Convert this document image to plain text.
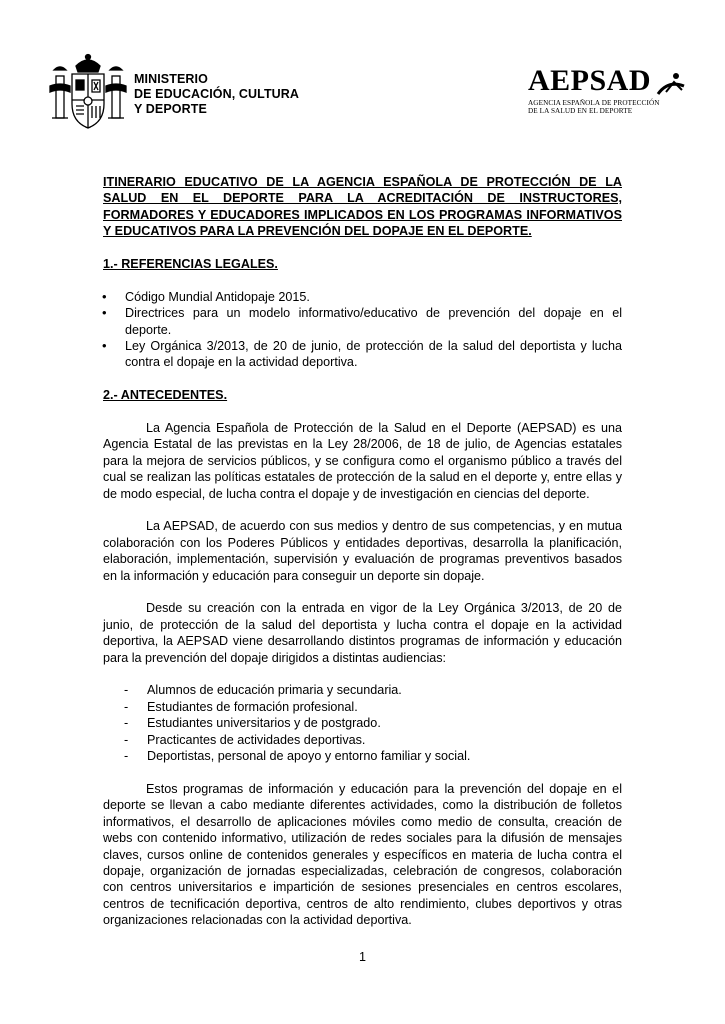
MINISTERIO
DE EDUCACIÓN, CULTURA
Y DEPORTE
AEPSAD
AGENCIA ESPAÑOLA DE PROTECCIÓN
DE LA SALUD EN EL DEPORTE

ITINERARIO EDUCATIVO DE LA AGENCIA ESPAÑOLA DE PROTECCIÓN DE LA SALUD EN EL DEPORTE PARA LA ACREDITACIÓN DE INSTRUCTORES, FORMADORES Y EDUCADORES IMPLICADOS EN LOS PROGRAMAS INFORMATIVOS Y EDUCATIVOS PARA LA PREVENCIÓN DEL DOPAJE EN EL DEPORTE.

1.- REFERENCIAS LEGALES.

• Código Mundial Antidopaje 2015.
• Directrices para un modelo informativo/educativo de prevención del dopaje en el deporte.
• Ley Orgánica 3/2013, de 20 de junio, de protección de la salud del deportista y lucha contra el dopaje en la actividad deportiva.

2.- ANTECEDENTES.

La Agencia Española de Protección de la Salud en el Deporte (AEPSAD) es una Agencia Estatal de las previstas en la Ley 28/2006, de 18 de julio, de Agencias estatales para la mejora de servicios públicos, y se configura como el organismo público a través del cual se realizan las políticas estatales de protección de la salud en el deporte y, entre ellas y de modo especial, de lucha contra el dopaje y de investigación en ciencias del deporte.

La AEPSAD, de acuerdo con sus medios y dentro de sus competencias, y en mutua colaboración con los Poderes Públicos y entidades deportivas, desarrolla la planificación, elaboración, implementación, supervisión y evaluación de programas preventivos basados en la información y educación para conseguir un deporte sin dopaje.

Desde su creación con la entrada en vigor de la Ley Orgánica 3/2013, de 20 de junio, de protección de la salud del deportista y lucha contra el dopaje en la actividad deportiva, la AEPSAD viene desarrollando distintos programas de información y educación para la prevención del dopaje dirigidos a distintas audiencias:

- Alumnos de educación primaria y secundaria.
- Estudiantes de formación profesional.
- Estudiantes universitarios y de postgrado.
- Practicantes de actividades deportivas.
- Deportistas, personal de apoyo y entorno familiar y social.

Estos programas de información y educación para la prevención del dopaje en el deporte se llevan a cabo mediante diferentes actividades, como la distribución de folletos informativos, el desarrollo de aplicaciones móviles como medio de consulta, creación de webs con contenido informativo, utilización de redes sociales para la difusión de mensajes claves, cursos online de contenidos generales y específicos en materia de lucha contra el dopaje, organización de jornadas especializadas, celebración de congresos, colaboración con centros universitarios e impartición de sesiones presenciales en centros escolares, centros de tecnificación deportiva, centros de alto rendimiento, clubes deportivos y otras organizaciones relacionadas con la actividad deportiva.

1
